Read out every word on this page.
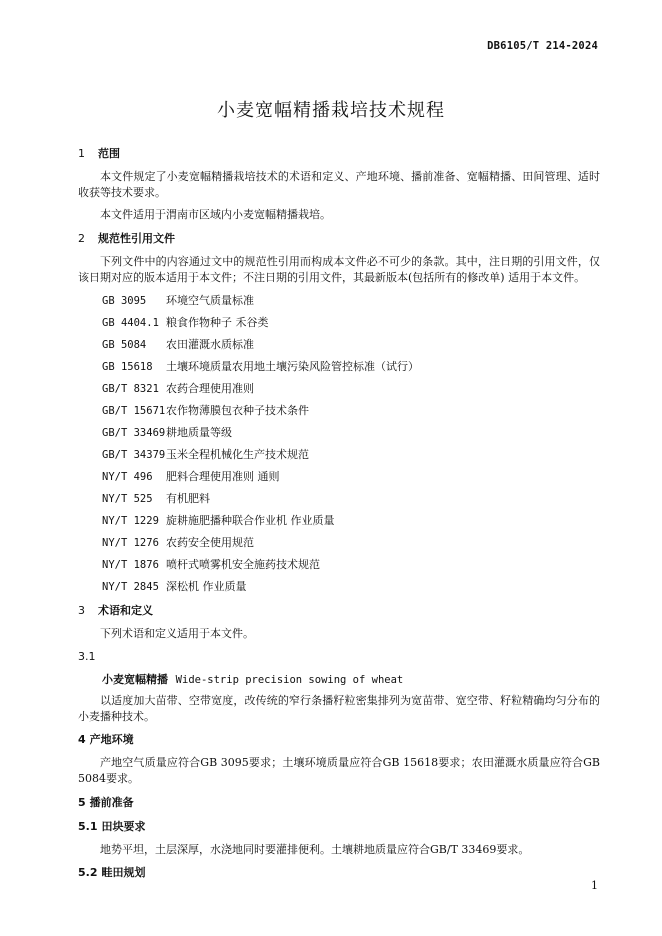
DB6105/T 214-2024
小麦宽幅精播栽培技术规程
1 范围

本文件规定了小麦宽幅精播栽培技术的术语和定义、产地环境、播前准备、宽幅精播、田间管理、适时收获等技术要求。

本文件适用于渭南市区域内小麦宽幅精播栽培。

2 规范性引用文件

下列文件中的内容通过文中的规范性引用而构成本文件必不可少的条款。其中，注日期的引用文件，仅该日期对应的版本适用于本文件；不注日期的引用文件，其最新版本(包括所有的修改单) 适用于本文件。

GB 3095 环境空气质量标准

GB 4404.1 粮食作物种子 禾谷类

GB 5084 农田灌溉水质标准

GB 15618 土壤环境质量农用地土壤污染风险管控标准（试行）

GB/T 8321 农药合理使用准则

GB/T 15671农作物薄膜包衣种子技术条件

GB/T 33469耕地质量等级

GB/T 34379玉米全程机械化生产技术规范

NY/T 496 肥料合理使用准则 通则

NY/T 525 有机肥料

NY/T 1229 旋耕施肥播种联合作业机 作业质量

NY/T 1276 农药安全使用规范

NY/T 1876 喷杆式喷雾机安全施药技术规范

NY/T 2845 深松机 作业质量

3 术语和定义

下列术语和定义适用于本文件。

3.1

小麦宽幅精播 Wide-strip precision sowing of wheat

以适度加大苗带、空带宽度，改传统的窄行条播籽粒密集排列为宽苗带、宽空带、籽粒精确均匀分布的小麦播种技术。

4 产地环境

产地空气质量应符合GB 3095要求；土壤环境质量应符合GB 15618要求；农田灌溉水质量应符合GB 5084要求。

5 播前准备
5.1 田块要求

地势平坦，土层深厚，水浇地同时要灌排便利。土壤耕地质量应符合GB/T 33469要求。

5.2 畦田规划
1
